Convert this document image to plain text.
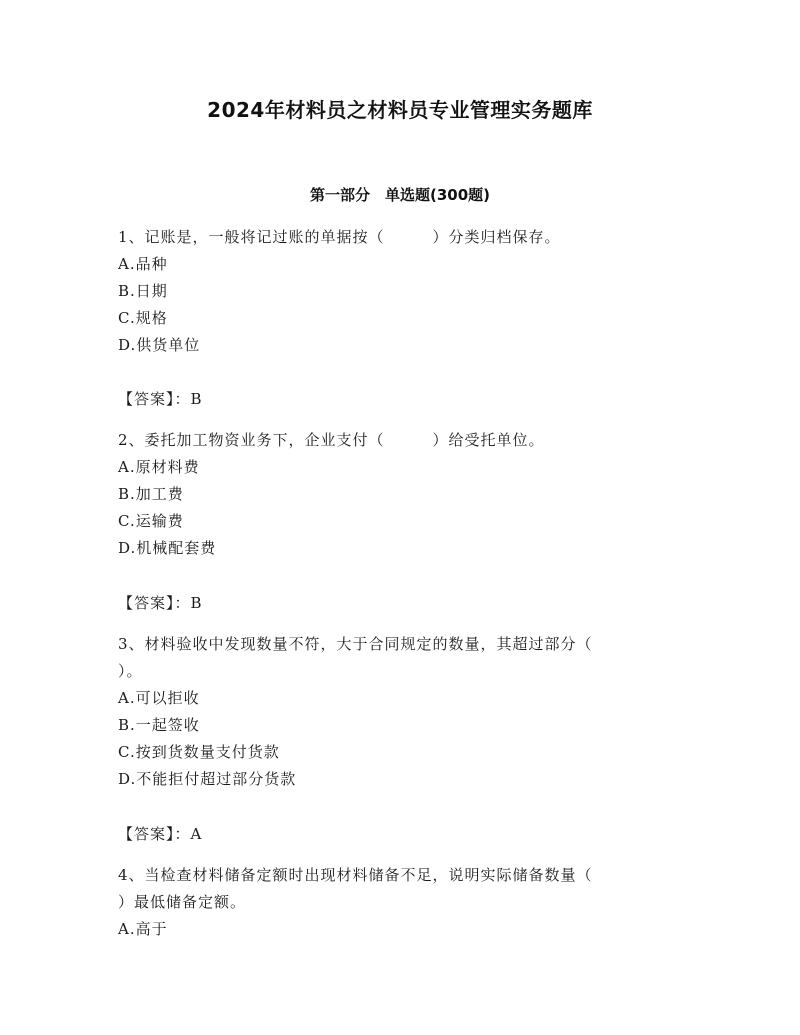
2024年材料员之材料员专业管理实务题库
第一部分　单选题(300题)
1、记账是，一般将记过账的单据按（　　　）分类归档保存。
A.品种
B.日期
C.规格
D.供货单位
【答案】：B
2、委托加工物资业务下，企业支付（　　　）给受托单位。
A.原材料费
B.加工费
C.运输费
D.机械配套费
【答案】：B
3、材料验收中发现数量不符，大于合同规定的数量，其超过部分（
）。
A.可以拒收
B.一起签收
C.按到货数量支付货款
D.不能拒付超过部分货款
【答案】：A
4、当检查材料储备定额时出现材料储备不足，说明实际储备数量（
）最低储备定额。
A.高于
